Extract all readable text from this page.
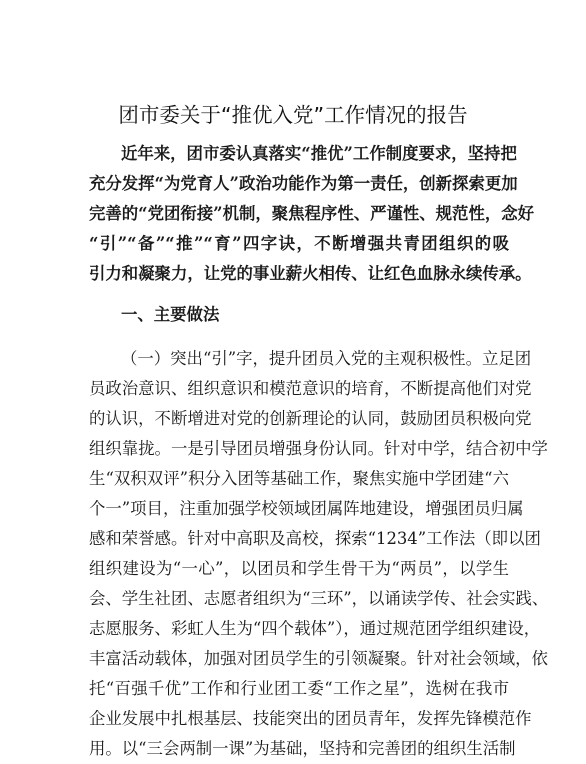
团市委关于“推优入党”工作情况的报告
近年来，团市委认真落实“推优”工作制度要求，坚持把
充分发挥“为党育人”政治功能作为第一责任，创新探索更加
完善的“党团衔接”机制，聚焦程序性、严谨性、规范性，念好
“引”“备”“推”“育”四字诀，不断增强共青团组织的吸
引力和凝聚力，让党的事业薪火相传、让红色血脉永续传承。
一、主要做法
（一）突出“引”字，提升团员入党的主观积极性。立足团
员政治意识、组织意识和模范意识的培育，不断提高他们对党
的认识，不断增进对党的创新理论的认同，鼓励团员积极向党
组织靠拢。一是引导团员增强身份认同。针对中学，结合初中学
生“双积双评”积分入团等基础工作，聚焦实施中学团建“六
个一”项目，注重加强学校领域团属阵地建设，增强团员归属
感和荣誉感。针对中高职及高校，探索“1234”工作法（即以团
组织建设为“一心”，以团员和学生骨干为“两员”，以学生
会、学生社团、志愿者组织为“三环”，以诵读学传、社会实践、
志愿服务、彩虹人生为“四个载体”），通过规范团学组织建设，
丰富活动载体，加强对团员学生的引领凝聚。针对社会领域，依
托“百强千优”工作和行业团工委“工作之星”，选树在我市
企业发展中扎根基层、技能突出的团员青年，发挥先锋模范作
用。以“三会两制一课”为基础，坚持和完善团的组织生活制
